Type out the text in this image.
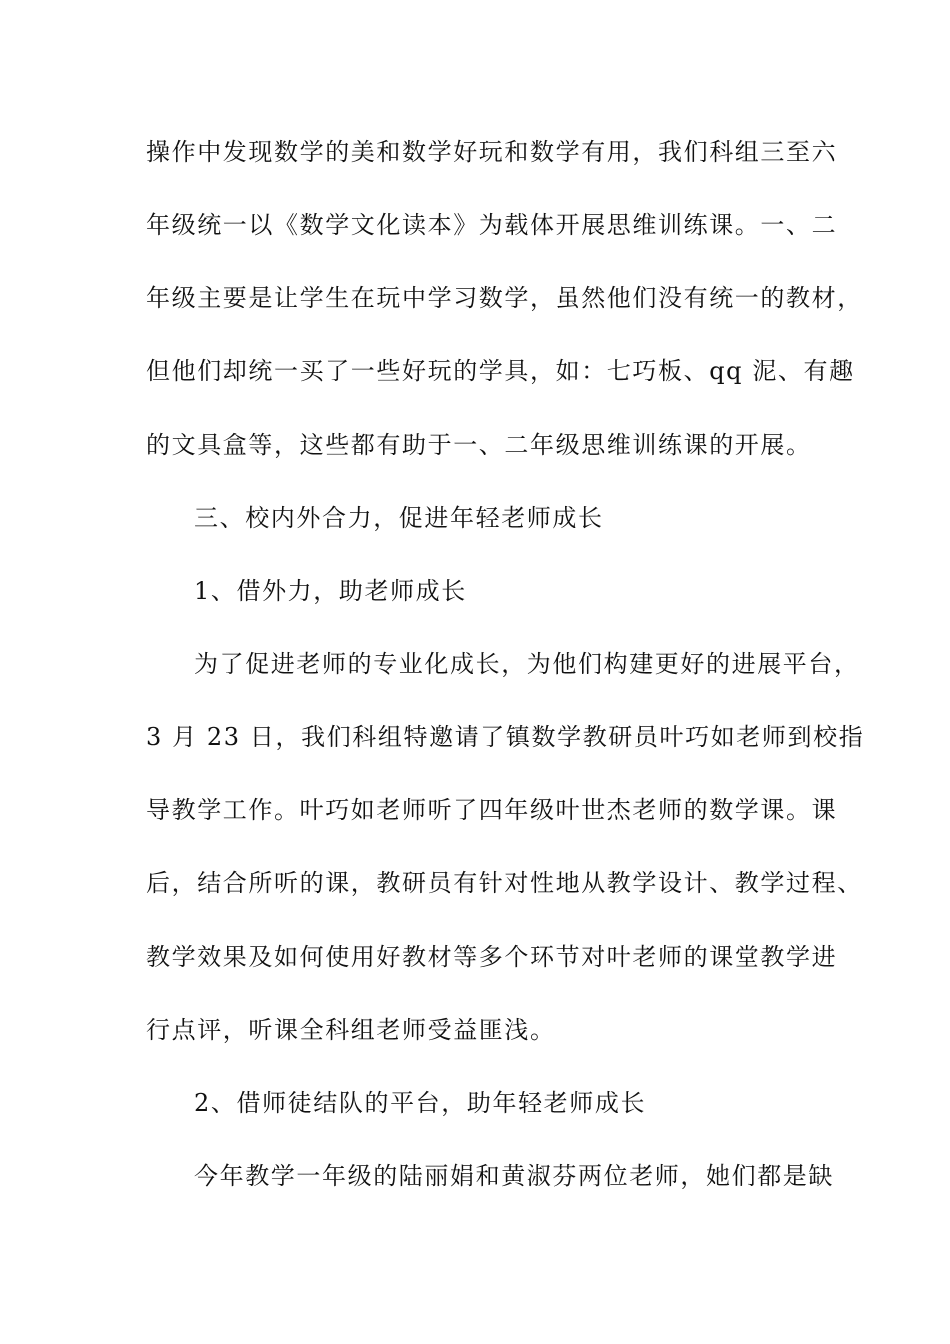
操作中发现数学的美和数学好玩和数学有用，我们科组三至六
年级统一以《数学文化读本》为载体开展思维训练课。一、二
年级主要是让学生在玩中学习数学，虽然他们没有统一的教材，
但他们却统一买了一些好玩的学具，如：七巧板、qq 泥、有趣
的文具盒等，这些都有助于一、二年级思维训练课的开展。
三、校内外合力，促进年轻老师成长
1、借外力，助老师成长
为了促进老师的专业化成长，为他们构建更好的进展平台，
3 月 23 日，我们科组特邀请了镇数学教研员叶巧如老师到校指
导教学工作。叶巧如老师听了四年级叶世杰老师的数学课。课
后，结合所听的课，教研员有针对性地从教学设计、教学过程、
教学效果及如何使用好教材等多个环节对叶老师的课堂教学进
行点评，听课全科组老师受益匪浅。
2、借师徒结队的平台，助年轻老师成长
今年教学一年级的陆丽娟和黄淑芬两位老师，她们都是缺
